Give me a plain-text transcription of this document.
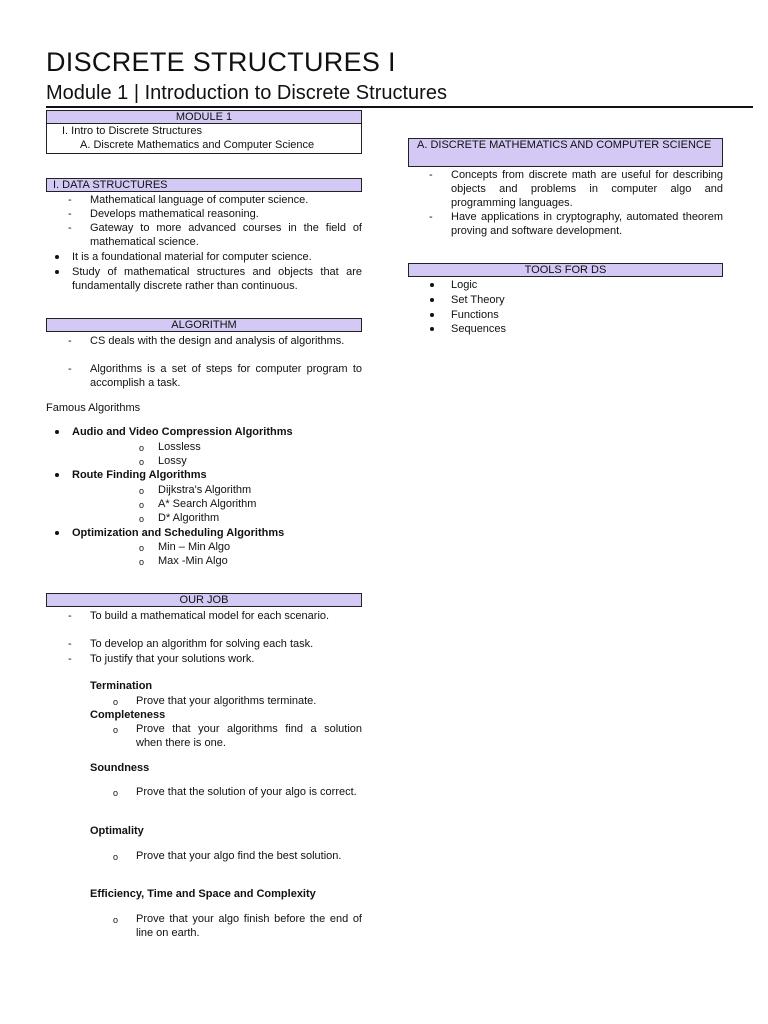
DISCRETE STRUCTURES I
Module 1 | Introduction to Discrete Structures
MODULE 1
I. Intro to Discrete Structures
A. Discrete Mathematics and Computer Science
I. DATA STRUCTURES
- Mathematical language of computer science.
- Develops mathematical reasoning.
- Gateway to more advanced courses in the field of mathematical science.
It is a foundational material for computer science.
Study of mathematical structures and objects that are fundamentally discrete rather than continuous.
ALGORITHM
- CS deals with the design and analysis of algorithms.
- Algorithms is a set of steps for computer program to accomplish a task.
Famous Algorithms
Audio and Video Compression Algorithms
o Lossless
o Lossy
Route Finding Algorithms
o Dijkstra's Algorithm
o A* Search Algorithm
o D* Algorithm
Optimization and Scheduling Algorithms
o Min – Min Algo
o Max -Min Algo
OUR JOB
- To build a mathematical model for each scenario.
- To develop an algorithm for solving each task.
- To justify that your solutions work.
Termination
o Prove that your algorithms terminate.
Completeness
o Prove that your algorithms find a solution when there is one.
Soundness
o Prove that the solution of your algo is correct.
Optimality
o Prove that your algo find the best solution.
Efficiency, Time and Space and Complexity
o Prove that your algo finish before the end of line on earth.
A. DISCRETE MATHEMATICS AND COMPUTER SCIENCE
- Concepts from discrete math are useful for describing objects and problems in computer algo and programming languages.
- Have applications in cryptography, automated theorem proving and software development.
TOOLS FOR DS
Logic
Set Theory
Functions
Sequences
